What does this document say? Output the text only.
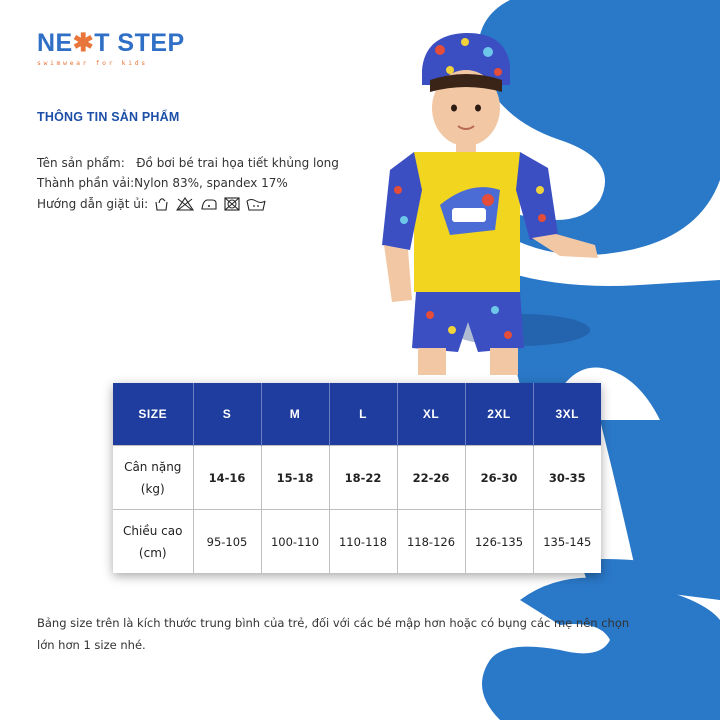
NE✱T STEP
swimwear for kids
THÔNG TIN SẢN PHẨM
Tên sản phẩm: Đồ bơi bé trai họa tiết khủng long
Thành phần vải:Nylon 83%, spandex 17%
Hướng dẫn giặt ủi:
SIZE	S	M	L	XL	2XL	3XL
Cân nặng
(kg)	14-16	15-18	18-22	22-26	26-30	30-35
Chiều cao
(cm)	95-105	100-110	110-118	118-126	126-135	135-145
Bảng size trên là kích thước trung bình của trẻ, đối với các bé mập hơn hoặc có bụng các mẹ nên chọn lớn hơn 1 size nhé.
